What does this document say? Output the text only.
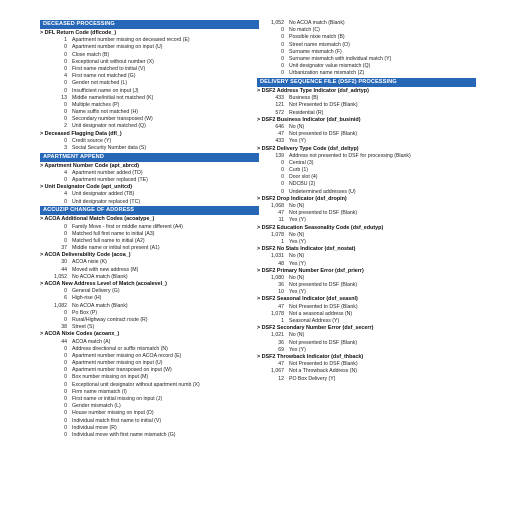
DECEASED PROCESSING
> DFL Return Code (dflcode_)
1 Apartment number missing on deceased record (E)
0 Apartment number missing on input (U)
0 Close match (B)
0 Exceptional unit without number (X)
0 First name matched to initial (V)
4 First name not matched (G)
0 Gender not matched (L)
0 Insufficient name on input (J)
13 Middle name/initial not matched (K)
0 Multiple matches (P)
0 Name suffix not matched (H)
0 Secondary number transposed (W)
2 Unit designator not matched (Q)
> Deceased Flagging Data (dfl_)
0 Credit source (Y)
3 Social Security Number data (S)
APARTMENT APPEND
> Apartment Number Code (apt_abrcd)
4 Apartment number added (TD)
0 Apartment number replaced (TE)
> Unit Designator Code (apt_unitcd)
4 Unit designator added (TB)
0 Unit designator replaced (TC)
ACCUZIP CHANGE OF ADDRESS
> ACOA Additional Match Codes (acoatype_)
0 Family Move - first or middle name different (A4)
0 Matched full first name to initial (A3)
0 Matched full name to initial (A2)
37 Middle name or initial not present (A1)
> ACOA Deliverability Code (acoa_)
30 ACOA nixie (K)
44 Moved with new address (M)
1,052 No ACOA match (Blank)
> ACOA New Address Level of Match (acoalevel_)
0 General Delivery (G)
6 High-rise (H)
1,082 No ACOA match (Blank)
0 Po Box (P)
0 Rural/Highway contract route (R)
38 Street (S)
> ACOA Nixie Codes (acoanx_)
44 ACOA match (A)
0 Address directional or suffix mismatch (N)
0 Apartment number missing on ACOA record (E)
0 Apartment number missing on input (U)
0 Apartment number transposed on input (W)
0 Box number missing on input (M)
0 Exceptional unit designator without apartment numb (X)
0 Firm name mismatch (I)
0 First name or initial missing on input (J)
0 Gender mismatch (L)
0 House number missing on input (D)
0 Individual match first name to initial (V)
0 Individual move (R)
0 Individual move with first name mismatch (G)
1,052 No ACOA match (Blank)
0 No match (C)
0 Possible nixie match (B)
0 Street name mismatch (O)
0 Surname mismatch (F)
0 Surname mismatch with individual match (Y)
0 Unit designator value mismatch (Q)
0 Urbanization name mismatch (Z)
DELIVERY SEQUENCE FILE (DSF2) PROCESSING
> DSF2 Address Type Indicator (dsf_adrtyp)
433 Business (B)
121 Not Presented to DSF (Blank)
572 Residential (R)
> DSF2 Business Indicator (dsf_businid)
646 No (N)
47 Not presented to DSF (Blank)
433 Yes (Y)
> DSF2 Delivery Type Code (dsf_deltyp)
139 Address not presented to DSF for processing (Blank)
0 Central (3)
0 Curb (1)
0 Door slot (4)
0 NDCBU (2)
0 Undetermined addresses (U)
> DSF2 Drop Indicator (dsf_dropin)
1,068 No (N)
47 Not presented to DSF (Blank)
11 Yes (Y)
> DSF2 Education Seasonality Code (dsf_edutyp)
1,078 No (N)
1 Yes (Y)
> DSF2 No Stats Indicator (dsf_nostat)
1,031 No (N)
48 Yes (Y)
> DSF2 Primary Number Error (dsf_prierr)
1,080 No (N)
36 Not presented to DSF (Blank)
10 Yes (Y)
> DSF2 Seasonal Indicator (dsf_seasnl)
47 Not Presented to DSF (Blank)
1,078 Not a seasonal address (N)
1 Seasonal Address (Y)
> DSF2 Secondary Number Error (dsf_secerr)
1,021 No (N)
36 Not presented to DSF (Blank)
69 Yes (Y)
> DSF2 Throwback Indicator (dsf_thback)
47 Not Presented to DSF (Blank)
1,067 Not a Throwback Address (N)
12 PO Box Delivery (Y)
